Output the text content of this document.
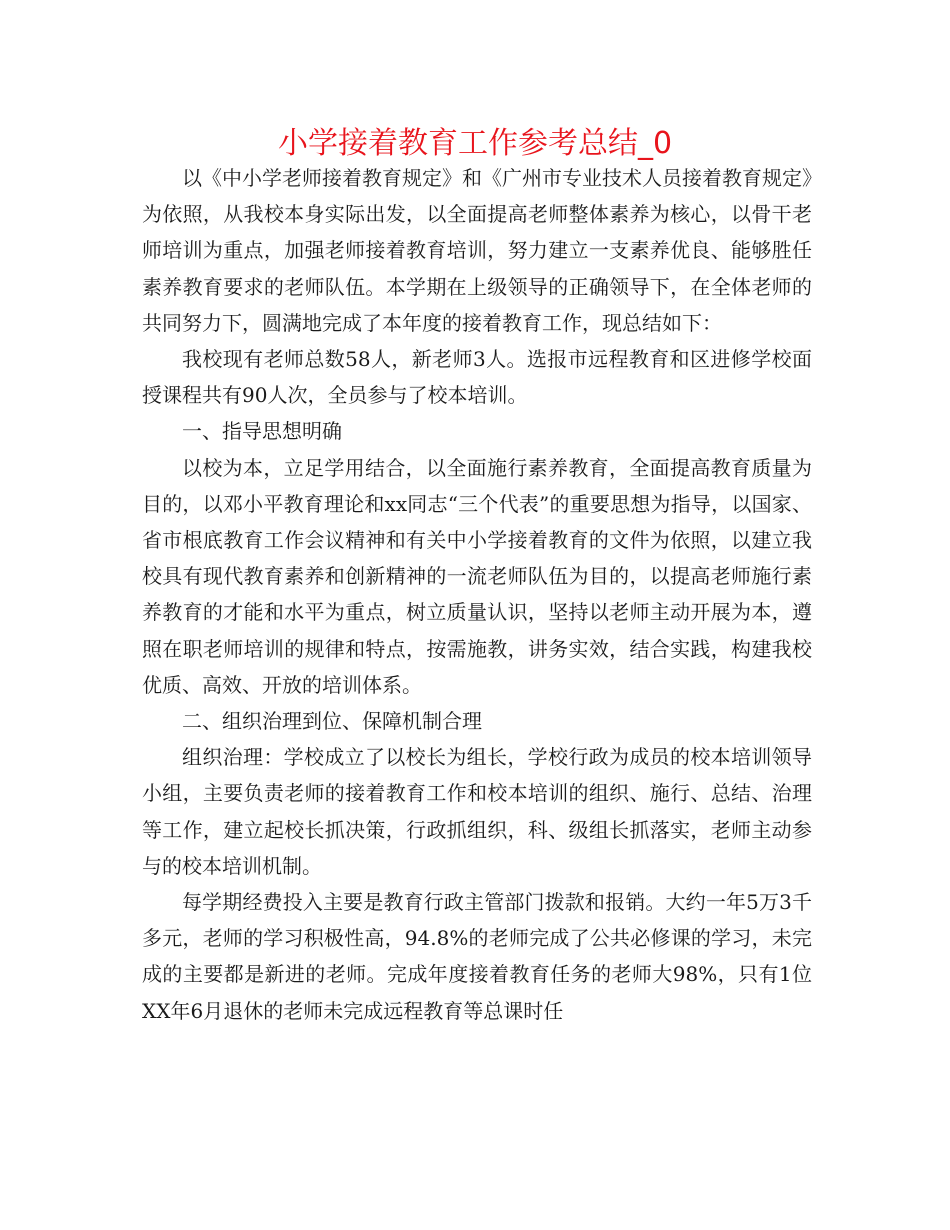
小学接着教育工作参考总结_0

以《中小学老师接着教育规定》和《广州市专业技术人员接着教育规定》为依照，从我校本身实际出发，以全面提高老师整体素养为核心，以骨干老师培训为重点，加强老师接着教育培训，努力建立一支素养优良、能够胜任素养教育要求的老师队伍。本学期在上级领导的正确领导下，在全体老师的共同努力下，圆满地完成了本年度的接着教育工作，现总结如下：

我校现有老师总数58人，新老师3人。选报市远程教育和区进修学校面授课程共有90人次，全员参与了校本培训。

一、指导思想明确

以校为本，立足学用结合，以全面施行素养教育，全面提高教育质量为目的，以邓小平教育理论和xx同志“三个代表”的重要思想为指导，以国家、省市根底教育工作会议精神和有关中小学接着教育的文件为依照，以建立我校具有现代教育素养和创新精神的一流老师队伍为目的，以提高老师施行素养教育的才能和水平为重点，树立质量认识，坚持以老师主动开展为本，遵照在职老师培训的规律和特点，按需施教，讲务实效，结合实践，构建我校优质、高效、开放的培训体系。

二、组织治理到位、保障机制合理

组织治理：学校成立了以校长为组长，学校行政为成员的校本培训领导小组，主要负责老师的接着教育工作和校本培训的组织、施行、总结、治理等工作，建立起校长抓决策，行政抓组织，科、级组长抓落实，老师主动参与的校本培训机制。

每学期经费投入主要是教育行政主管部门拨款和报销。大约一年5万3千多元，老师的学习积极性高，94.8%的老师完成了公共必修课的学习，未完成的主要都是新进的老师。完成年度接着教育任务的老师大98%，只有1位XX年6月退休的老师未完成远程教育等总课时任
